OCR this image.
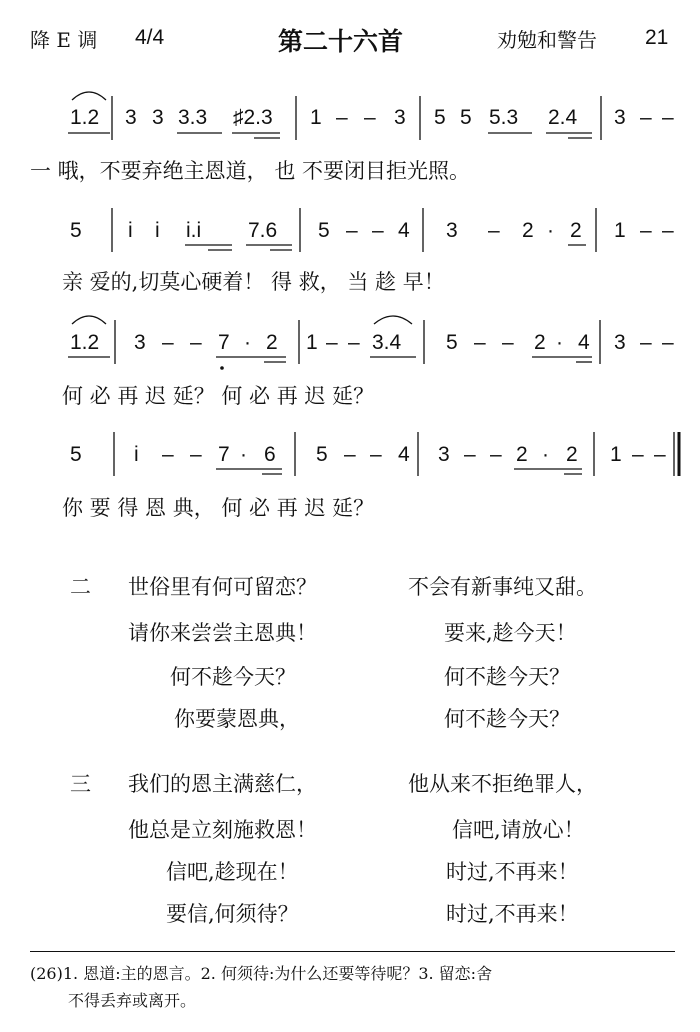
降 E 调 4/4	第二十六首	劝勉和警告 21
1.2 3 3 3.3 ♯2.3 1 – – 3 5 5 5.3 2.4 3 – –
一 哦，不要弃绝主恩道， 也 不要闭目拒光照。
5 i i i.i 7.6 5 – – 4 3 – 2 · 2 1 – –
亲 爱的,切莫心硬着！ 得 救， 当 趁 早！
1.2 3 – – 7 · 2 1 – – 3.4 5 – – 2 · 4 3 – –
何 必 再 迟 延？ 何 必 再 迟 延？
5 i – – 7 · 6 5 – – 4 3 – – 2 · 2 1 – –
你 要 得 恩 典， 何 必 再 迟 延？
二 世俗里有何可留恋？	不会有新事纯又甜。
请你来尝尝主恩典！	要来,趁今天！
何不趁今天？	何不趁今天？
你要蒙恩典，	何不趁今天？
三 我们的恩主满慈仁，	他从来不拒绝罪人，
他总是立刻施救恩！	信吧,请放心！
信吧,趁现在！	时过,不再来！
要信,何须待？	时过,不再来！
(26)1. 恩道:主的恩言。2. 何须待:为什么还要等待呢？3. 留恋:舍
不得丢弃或离开。
